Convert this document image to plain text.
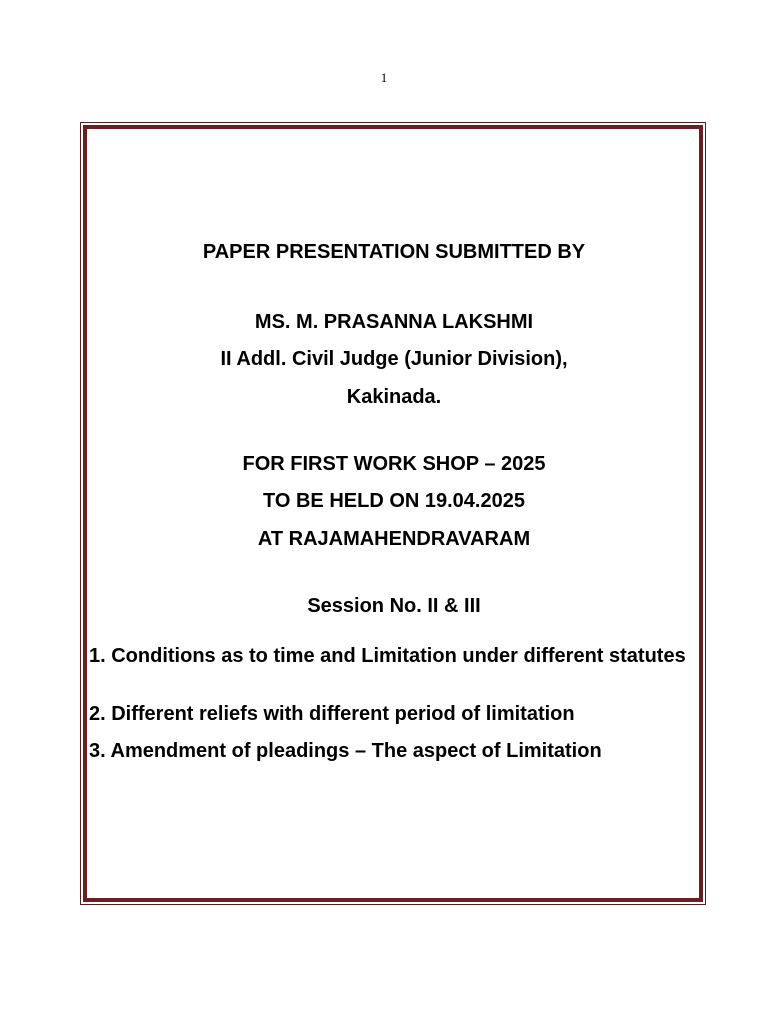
1
PAPER PRESENTATION SUBMITTED BY
MS. M. PRASANNA LAKSHMI
II Addl. Civil Judge (Junior Division),
Kakinada.
FOR FIRST WORK SHOP – 2025
TO BE HELD ON 19.04.2025
AT RAJAMAHENDRAVARAM
Session No. II & III
1. Conditions as to time and Limitation under different statutes
2. Different reliefs with different period of limitation
3. Amendment of pleadings – The aspect of Limitation
